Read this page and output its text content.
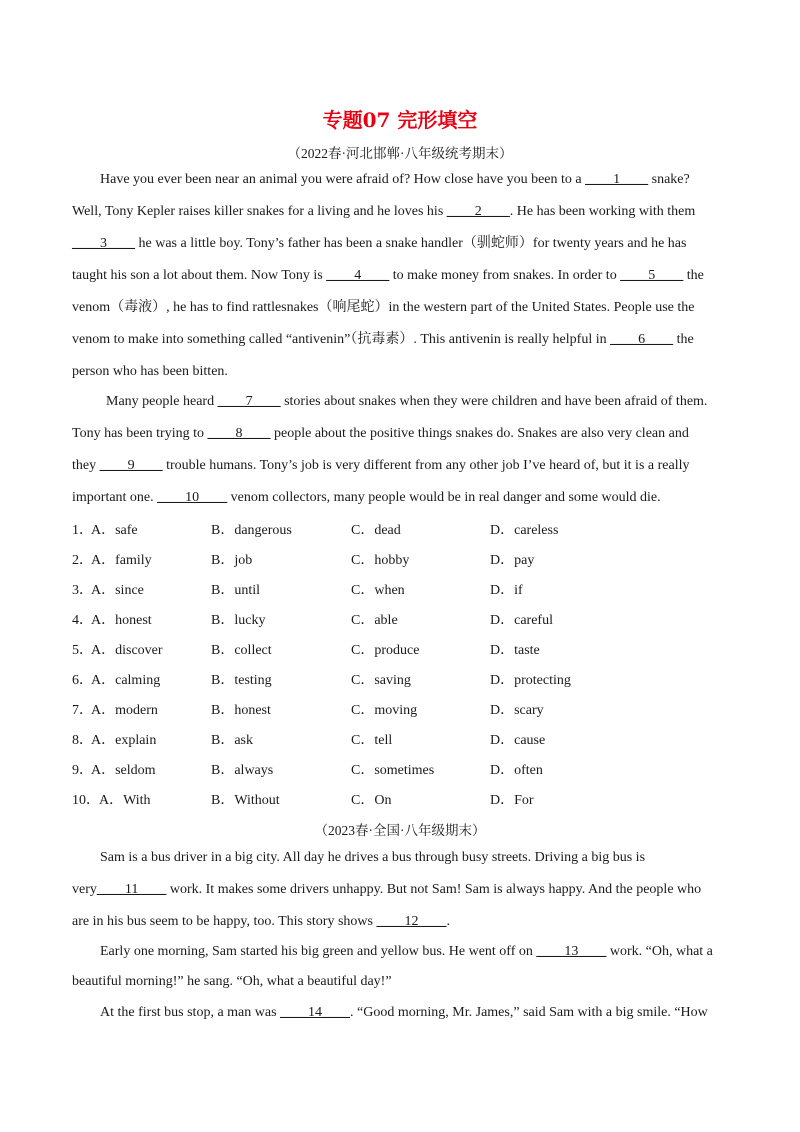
专题07 完形填空
（2022春·河北邯郸·八年级统考期末）
Have you ever been near an animal you were afraid of? How close have you been to a ____1____ snake?
Well, Tony Kepler raises killer snakes for a living and he loves his ____2____. He has been working with them
____3____ he was a little boy. Tony’s father has been a snake handler（驯蛇师）for twenty years and he has
taught his son a lot about them. Now Tony is ____4____ to make money from snakes. In order to ____5____ the
venom（毒液）, he has to find rattlesnakes（响尾蛇）in the western part of the United States. People use the
venom to make into something called “antivenin”（抗毒素）. This antivenin is really helpful in ____6____ the
person who has been bitten.
Many people heard ____7____ stories about snakes when they were children and have been afraid of them.
Tony has been trying to ____8____ people about the positive things snakes do. Snakes are also very clean and
they ____9____ trouble humans. Tony’s job is very different from any other job I’ve heard of, but it is a really
important one. ____10____ venom collectors, many people would be in real danger and some would die.
1．
A．safe	B．dangerous	C．dead	D．careless
2．
A．family	B．job	C．hobby	D．pay
3．
A．since	B．until	C．when	D．if
4．
A．honest	B．lucky	C．able	D．careful
5．
A．discover	B．collect	C．produce	D．taste
6．
A．calming	B．testing	C．saving	D．protecting
7．
A．modern	B．honest	C．moving	D．scary
8．
A．explain	B．ask	C．tell	D．cause
9．
A．seldom	B．always	C．sometimes	D．often
10． A．With	B．Without	C．On	D．For
（2023春·全国·八年级期末）
Sam is a bus driver in a big city. All day he drives a bus through busy streets. Driving a big bus is
very____11____ work. It makes some drivers unhappy. But not Sam! Sam is always happy. And the people who
are in his bus seem to be happy, too. This story shows ____12____.
Early one morning, Sam started his big green and yellow bus. He went off on ____13____ work. “Oh, what a
beautiful morning!” he sang. “Oh, what a beautiful day!”
At the first bus stop, a man was ____14____. “Good morning, Mr. James,” said Sam with a big smile. “How
